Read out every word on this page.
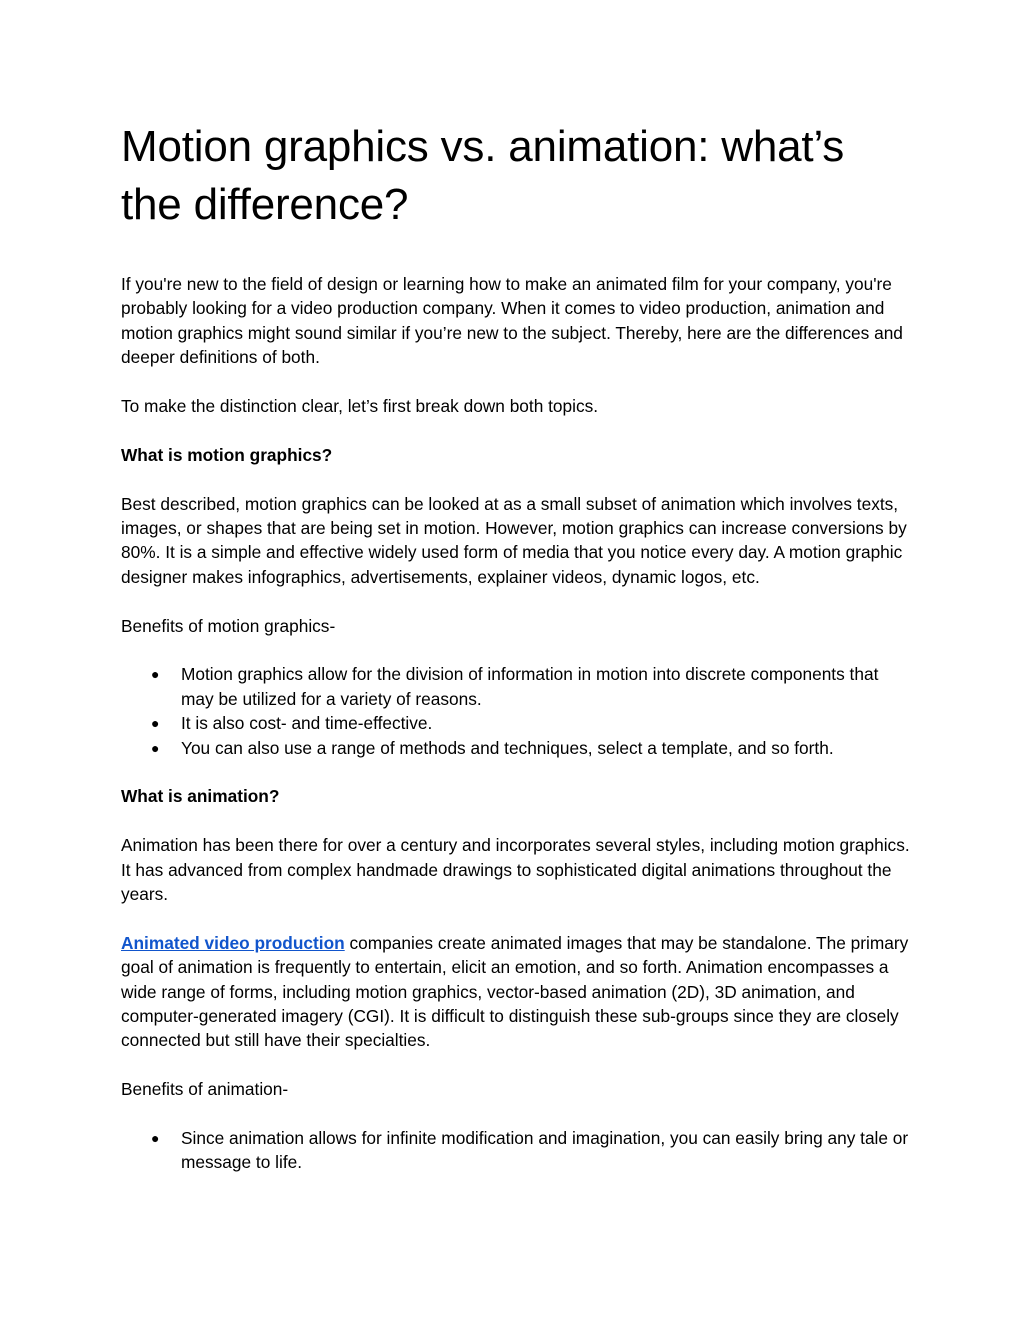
Motion graphics vs. animation: what’s the difference?

If you're new to the field of design or learning how to make an animated film for your company, you're probably looking for a video production company. When it comes to video production, animation and motion graphics might sound similar if you’re new to the subject. Thereby, here are the differences and deeper definitions of both.

To make the distinction clear, let’s first break down both topics.

What is motion graphics?

Best described, motion graphics can be looked at as a small subset of animation which involves texts, images, or shapes that are being set in motion. However, motion graphics can increase conversions by 80%. It is a simple and effective widely used form of media that you notice every day. A motion graphic designer makes infographics, advertisements, explainer videos, dynamic logos, etc.

Benefits of motion graphics-

● Motion graphics allow for the division of information in motion into discrete components that may be utilized for a variety of reasons.
● It is also cost- and time-effective.
● You can also use a range of methods and techniques, select a template, and so forth.

What is animation?

Animation has been there for over a century and incorporates several styles, including motion graphics. It has advanced from complex handmade drawings to sophisticated digital animations throughout the years.

Animated video production companies create animated images that may be standalone. The primary goal of animation is frequently to entertain, elicit an emotion, and so forth. Animation encompasses a wide range of forms, including motion graphics, vector-based animation (2D), 3D animation, and computer-generated imagery (CGI). It is difficult to distinguish these sub-groups since they are closely connected but still have their specialties.

Benefits of animation-

● Since animation allows for infinite modification and imagination, you can easily bring any tale or message to life.
